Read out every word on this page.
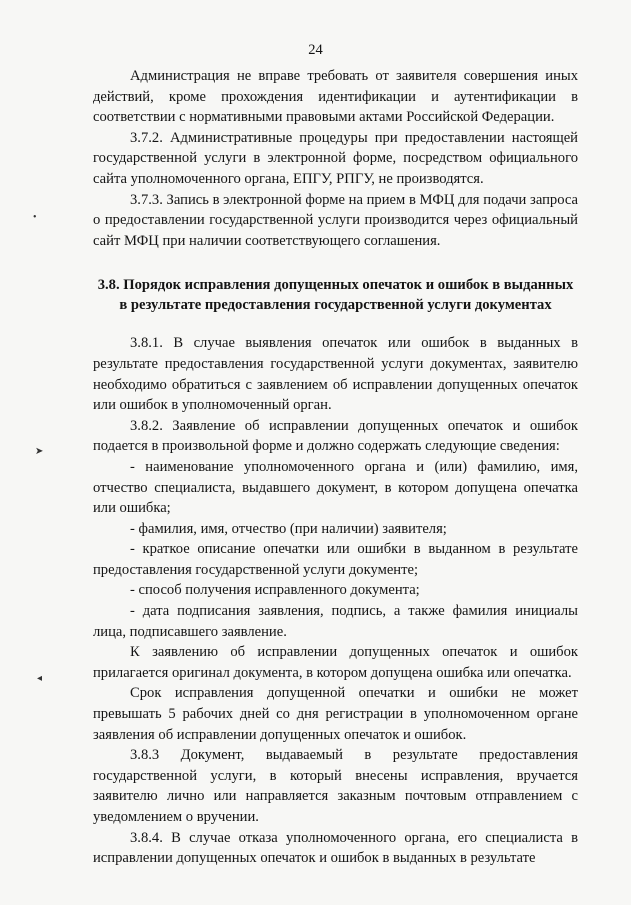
24
•
➤
◂

Администрация не вправе требовать от заявителя совершения иных действий, кроме прохождения идентификации и аутентификации в соответствии с нормативными правовыми актами Российской Федерации.

3.7.2. Административные процедуры при предоставлении настоящей государственной услуги в электронной форме, посредством официального сайта уполномоченного органа, ЕПГУ, РПГУ, не производятся.

3.7.3. Запись в электронной форме на прием в МФЦ для подачи запроса о предоставлении государственной услуги производится через официальный сайт МФЦ при наличии соответствующего соглашения.

3.8. Порядок исправления допущенных опечаток и ошибок в выданных в результате предоставления государственной услуги документах

3.8.1. В случае выявления опечаток или ошибок в выданных в результате предоставления государственной услуги документах, заявителю необходимо обратиться с заявлением об исправлении допущенных опечаток или ошибок в уполномоченный орган.

3.8.2. Заявление об исправлении допущенных опечаток и ошибок подается в произвольной форме и должно содержать следующие сведения:

- наименование уполномоченного органа и (или) фамилию, имя, отчество специалиста, выдавшего документ, в котором допущена опечатка или ошибка;

- фамилия, имя, отчество (при наличии) заявителя;

- краткое описание опечатки или ошибки в выданном в результате предоставления государственной услуги документе;

- способ получения исправленного документа;

- дата подписания заявления, подпись, а также фамилия инициалы лица, подписавшего заявление.

К заявлению об исправлении допущенных опечаток и ошибок прилагается оригинал документа, в котором допущена ошибка или опечатка.

Срок исправления допущенной опечатки и ошибки не может превышать 5 рабочих дней со дня регистрации в уполномоченном органе заявления об исправлении допущенных опечаток и ошибок.

3.8.3 Документ, выдаваемый в результате предоставления государственной услуги, в который внесены исправления, вручается заявителю лично или направляется заказным почтовым отправлением с уведомлением о вручении.

3.8.4. В случае отказа уполномоченного органа, его специалиста в исправлении допущенных опечаток и ошибок в выданных в результате
